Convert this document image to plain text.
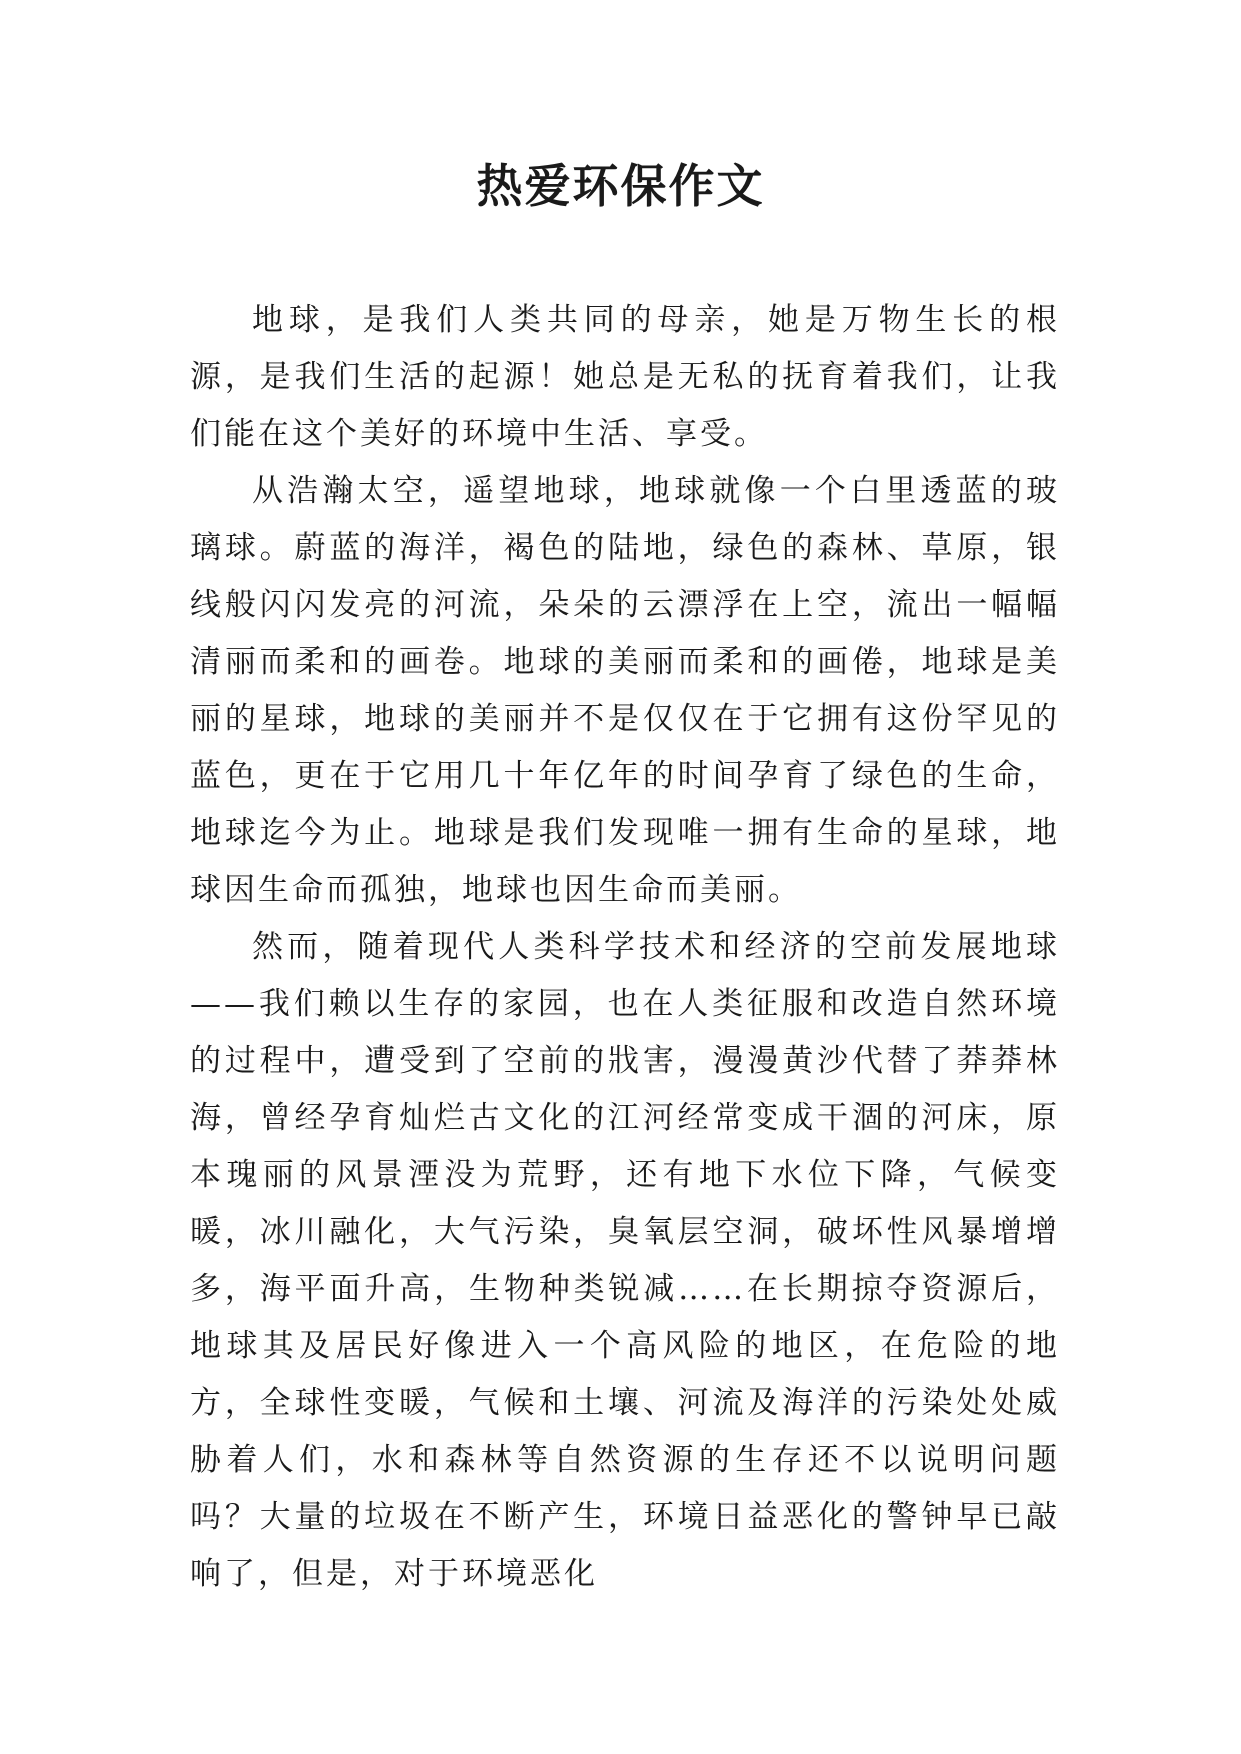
热爱环保作文

地球，是我们人类共同的母亲，她是万物生长的根源，是我们生活的起源！她总是无私的抚育着我们，让我们能在这个美好的环境中生活、享受。

从浩瀚太空，遥望地球，地球就像一个白里透蓝的玻璃球。蔚蓝的海洋，褐色的陆地，绿色的森林、草原，银线般闪闪发亮的河流，朵朵的云漂浮在上空，流出一幅幅清丽而柔和的画卷。地球的美丽而柔和的画倦，地球是美丽的星球，地球的美丽并不是仅仅在于它拥有这份罕见的蓝色，更在于它用几十年亿年的时间孕育了绿色的生命，地球迄今为止。地球是我们发现唯一拥有生命的星球，地球因生命而孤独，地球也因生命而美丽。

然而，随着现代人类科学技术和经济的空前发展地球——我们赖以生存的家园，也在人类征服和改造自然环境的过程中，遭受到了空前的戕害，漫漫黄沙代替了莽莽林海，曾经孕育灿烂古文化的江河经常变成干涸的河床，原本瑰丽的风景湮没为荒野，还有地下水位下降，气候变暖，冰川融化，大气污染，臭氧层空洞，破坏性风暴增增多，海平面升高，生物种类锐减……在长期掠夺资源后，地球其及居民好像进入一个高风险的地区，在危险的地方，全球性变暖，气候和土壤、河流及海洋的污染处处威胁着人们，水和森林等自然资源的生存还不以说明问题吗？大量的垃圾在不断产生，环境日益恶化的警钟早已敲响了，但是，对于环境恶化
